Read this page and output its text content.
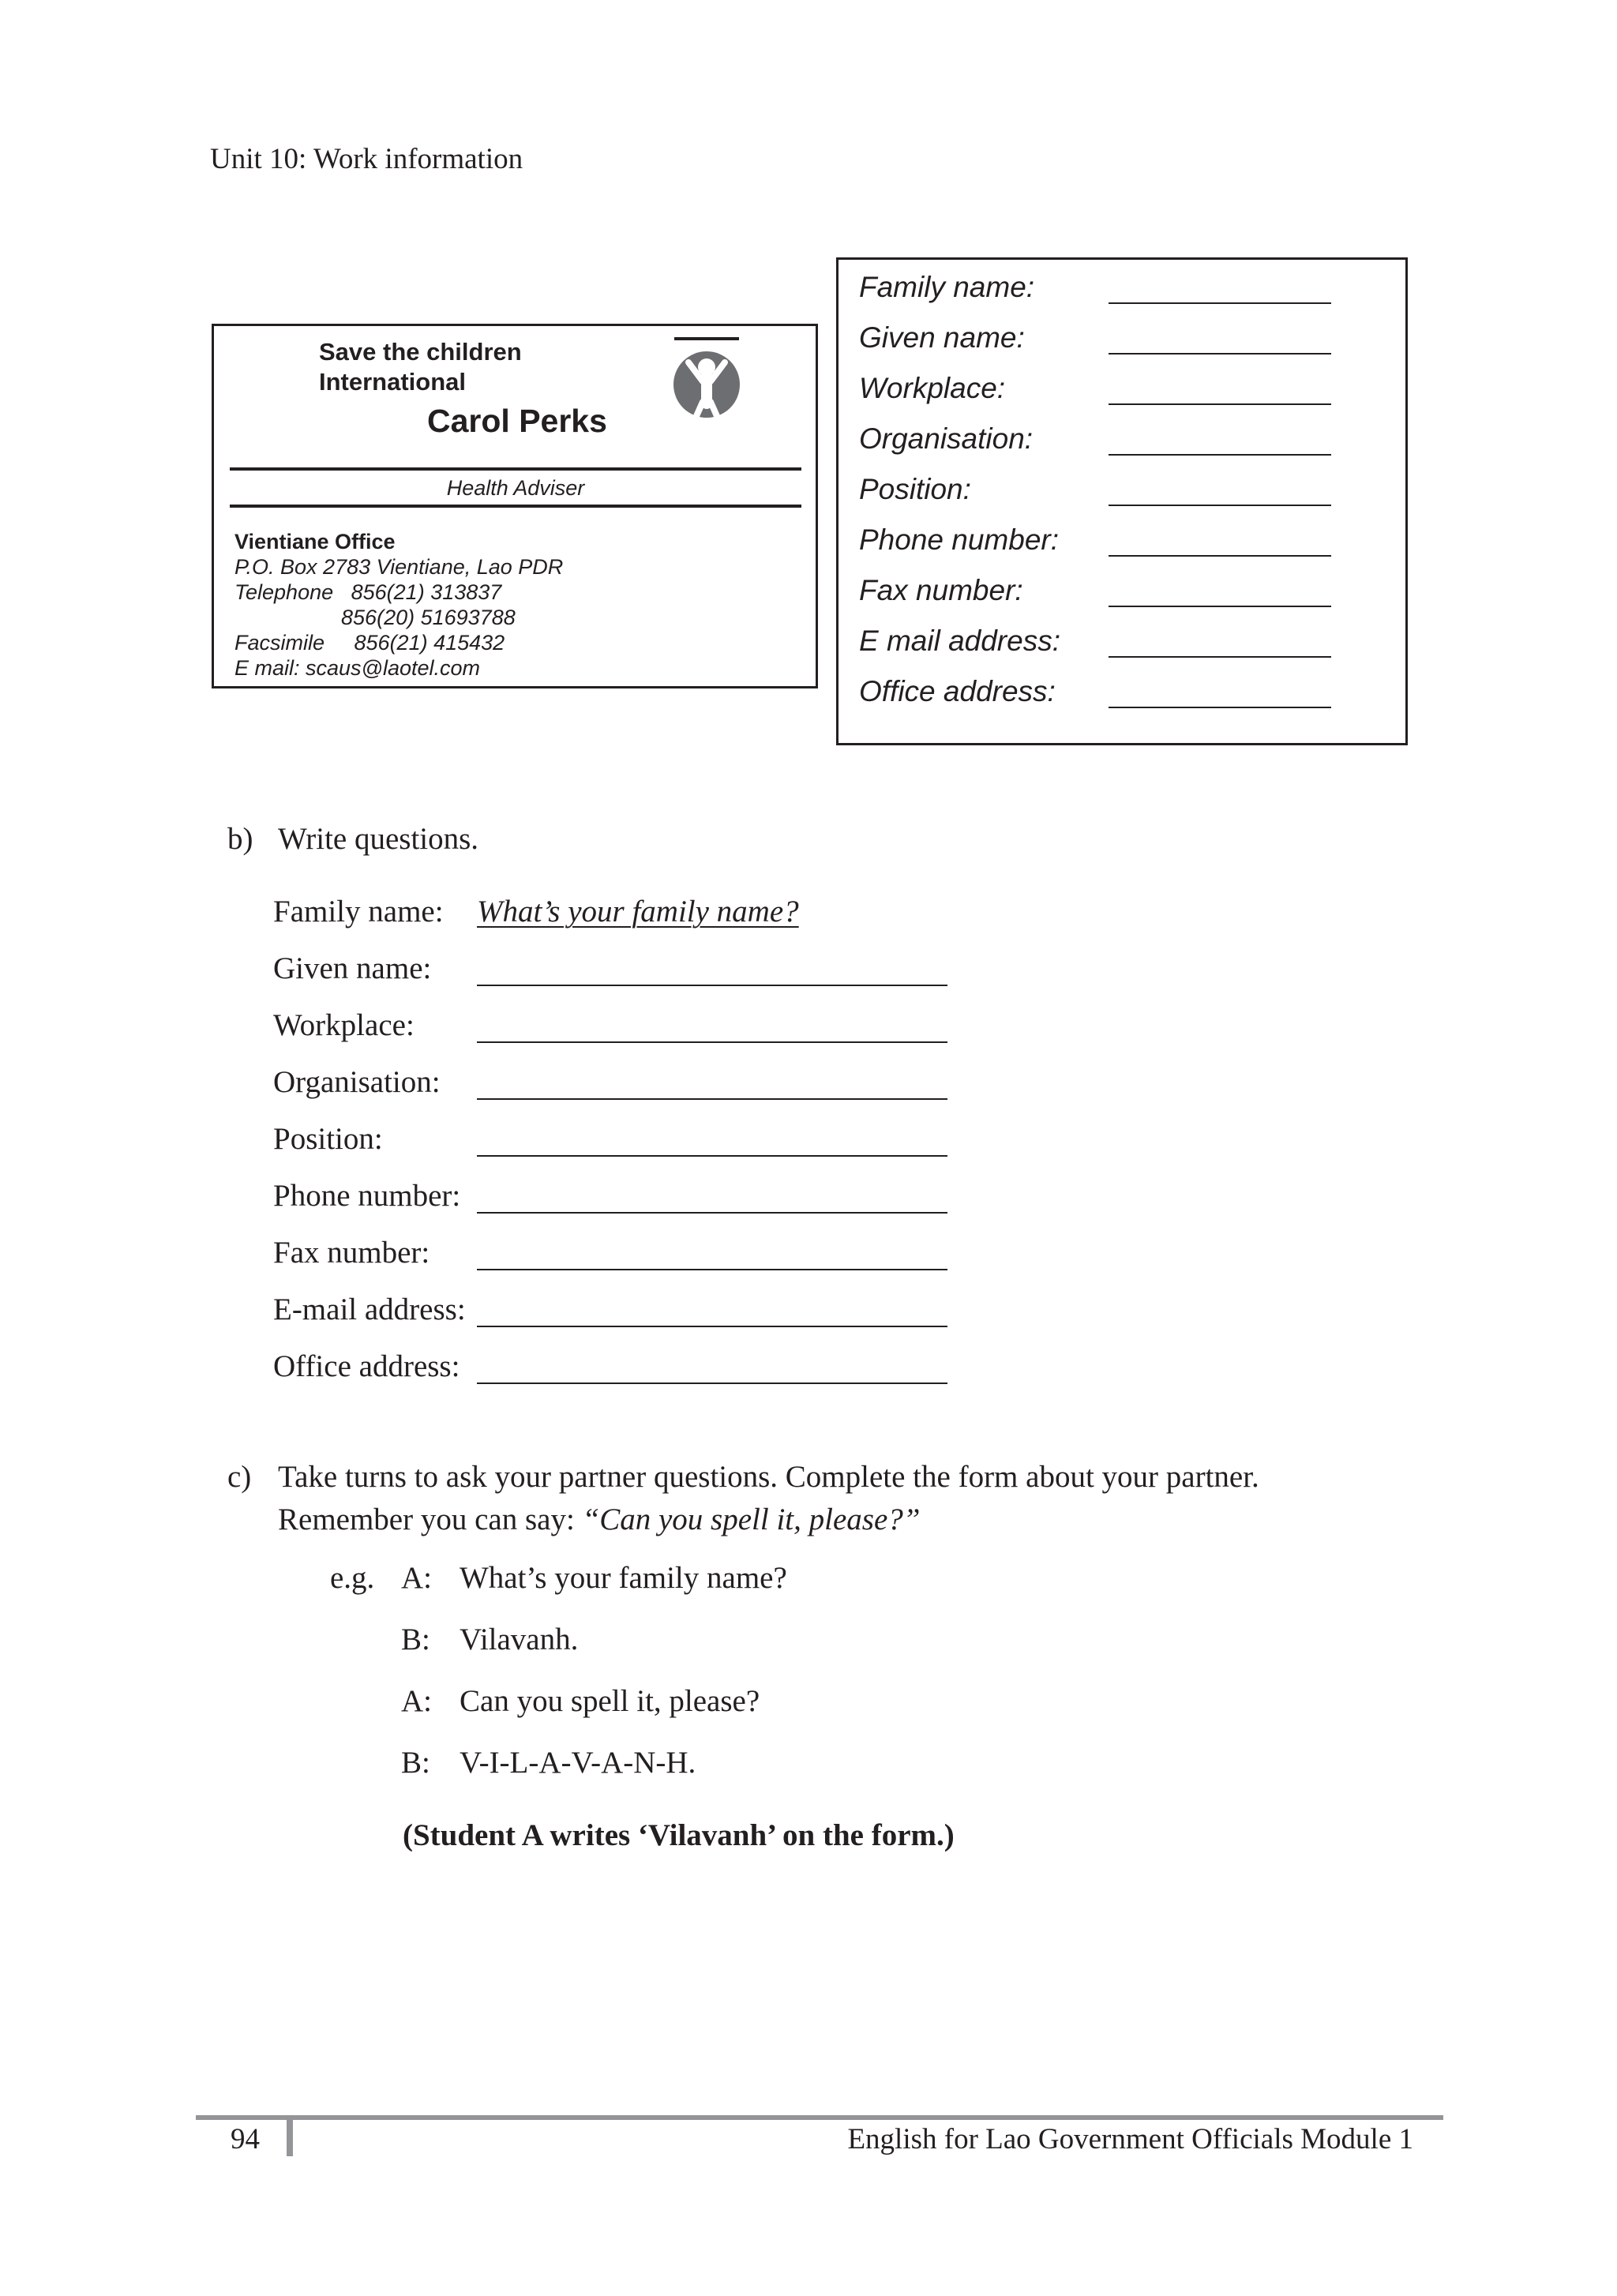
Unit 10: Work information
Save the children
International
Carol Perks
Health Adviser
Vientiane Office
P.O. Box 2783 Vientiane, Lao PDR
Telephone   856(21) 313837
856(20) 51693788
Facsimile     856(21) 415432
E mail: scaus@laotel.com
Family name:
Given name:
Workplace:
Organisation:
Position:
Phone number:
Fax number:
E mail address:
Office address:
b) Write questions.
Family name: What’s your family name?
Given name:
Workplace:
Organisation:
Position:
Phone number:
Fax number:
E-mail address:
Office address:
c) Take turns to ask your partner questions. Complete the form about your partner.
Remember you can say: “Can you spell it, please?”
e.g. A: What’s your family name?
B: Vilavanh.
A: Can you spell it, please?
B: V-I-L-A-V-A-N-H.
(Student A writes ‘Vilavanh’ on the form.)
94	English for Lao Government Officials Module 1
